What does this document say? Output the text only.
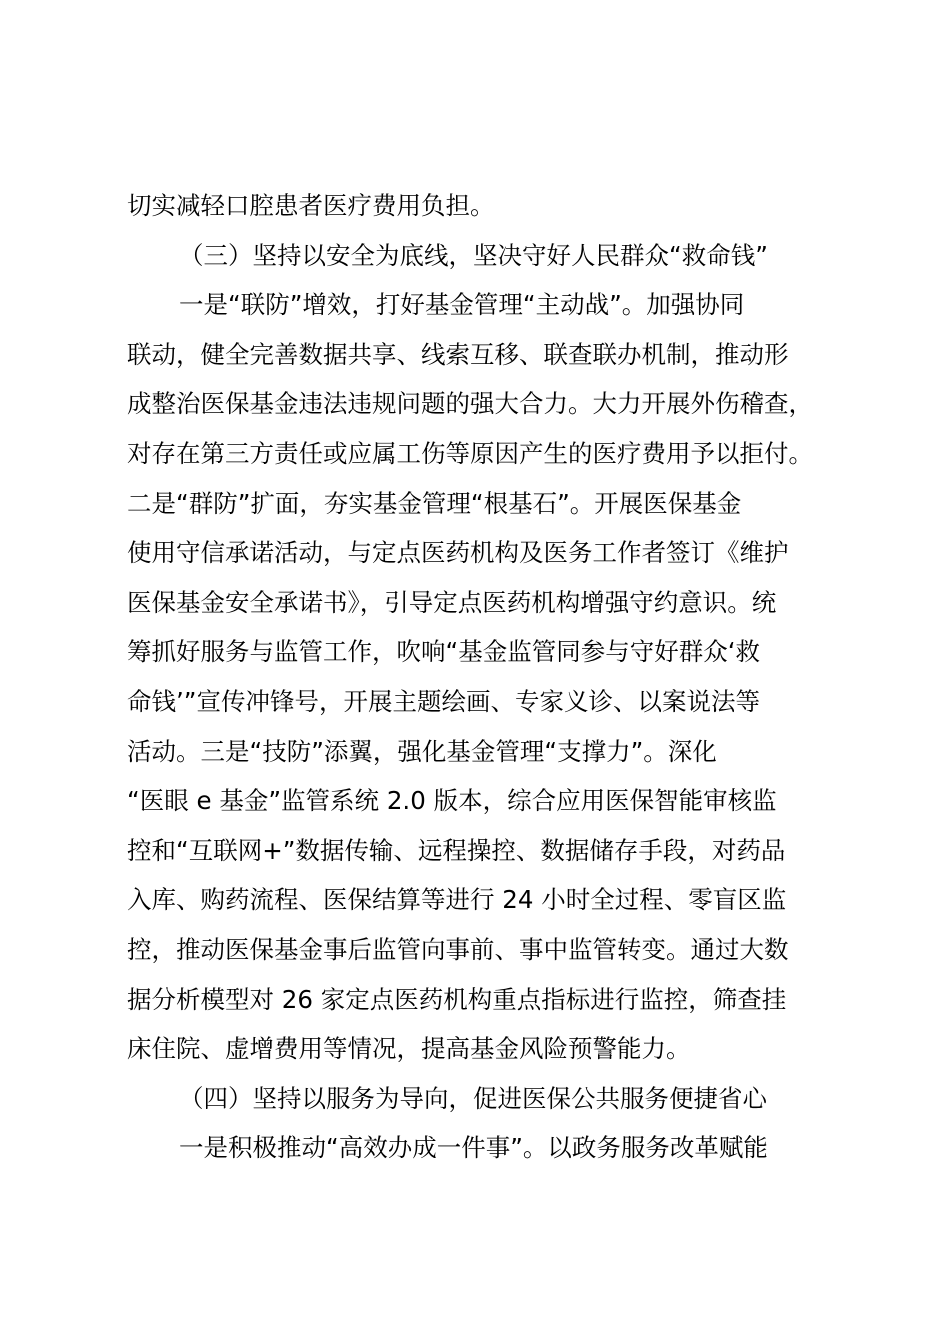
切实减轻口腔患者医疗费用负担。
（三）坚持以安全为底线，坚决守好人民群众“救命钱”
一是“联防”增效，打好基金管理“主动战”。加强协同
联动，健全完善数据共享、线索互移、联查联办机制，推动形
成整治医保基金违法违规问题的强大合力。大力开展外伤稽查，
对存在第三方责任或应属工伤等原因产生的医疗费用予以拒付。
二是“群防”扩面，夯实基金管理“根基石”。开展医保基金
使用守信承诺活动，与定点医药机构及医务工作者签订《维护
医保基金安全承诺书》，引导定点医药机构增强守约意识。统
筹抓好服务与监管工作，吹响“基金监管同参与守好群众‘救
命钱’”宣传冲锋号，开展主题绘画、专家义诊、以案说法等
活动。三是“技防”添翼，强化基金管理“支撑力”。深化
“医眼 e 基金”监管系统 2.0 版本，综合应用医保智能审核监
控和“互联网+”数据传输、远程操控、数据储存手段，对药品
入库、购药流程、医保结算等进行 24 小时全过程、零盲区监
控，推动医保基金事后监管向事前、事中监管转变。通过大数
据分析模型对 26 家定点医药机构重点指标进行监控，筛查挂
床住院、虚增费用等情况，提高基金风险预警能力。
（四）坚持以服务为导向，促进医保公共服务便捷省心
一是积极推动“高效办成一件事”。以政务服务改革赋能
